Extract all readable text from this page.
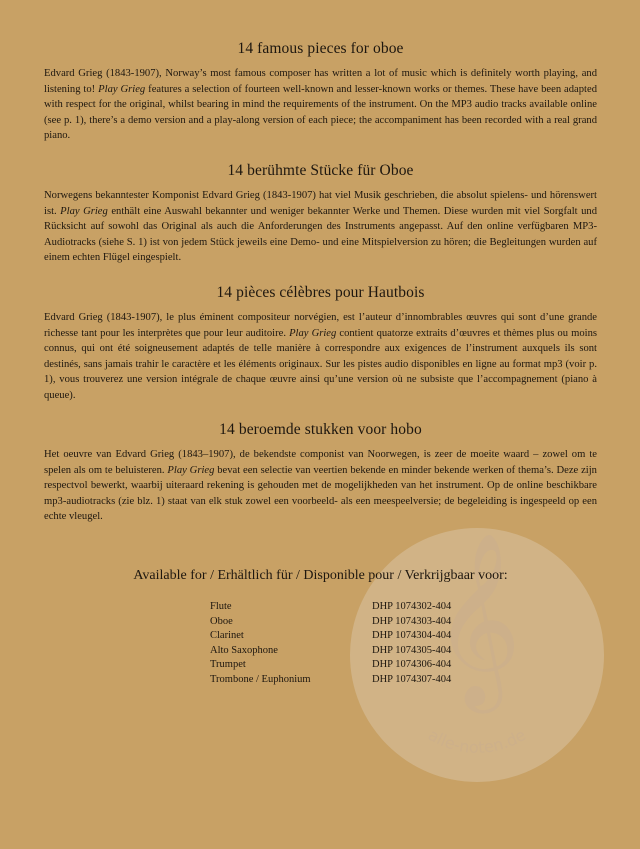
𝄞
alle-noten.de
14 famous pieces for oboe

Edvard Grieg (1843-1907), Norway’s most famous composer has written a lot of music which is definitely worth playing, and listening to! Play Grieg features a selection of fourteen well-known and lesser-known works or themes. These have been adapted with respect for the original, whilst bearing in mind the requirements of the instrument. On the MP3 audio tracks available online (see p. 1), there’s a demo version and a play-along version of each piece; the accompaniment has been recorded with a real grand piano.

14 berühmte Stücke für Oboe

Norwegens bekanntester Komponist Edvard Grieg (1843-1907) hat viel Musik geschrieben, die absolut spielens- und hörenswert ist. Play Grieg enthält eine Auswahl bekannter und weniger bekannter Werke und Themen. Diese wurden mit viel Sorgfalt und Rücksicht auf sowohl das Original als auch die Anforderungen des Instruments angepasst. Auf den online verfügbaren MP3-Audiotracks (siehe S. 1) ist von jedem Stück jeweils eine Demo- und eine Mitspielversion zu hören; die Begleitungen wurden auf einem echten Flügel eingespielt.

14 pièces célèbres pour Hautbois

Edvard Grieg (1843-1907), le plus éminent compositeur norvégien, est l’auteur d’innombrables œuvres qui sont d’une grande richesse tant pour les interprètes que pour leur auditoire. Play Grieg contient quatorze extraits d’œuvres et thèmes plus ou moins connus, qui ont été soigneusement adaptés de telle manière à correspondre aux exigences de l’instrument auxquels ils sont destinés, sans jamais trahir le caractère et les éléments originaux. Sur les pistes audio disponibles en ligne au format mp3 (voir p. 1), vous trouverez une version intégrale de chaque œuvre ainsi qu’une version où ne subsiste que l’accompagnement (piano à queue).

14 beroemde stukken voor hobo

Het oeuvre van Edvard Grieg (1843–1907), de bekendste componist van Noorwegen, is zeer de moeite waard – zowel om te spelen als om te beluisteren. Play Grieg bevat een selectie van veertien bekende en minder bekende werken of thema’s. Deze zijn respectvol bewerkt, waarbij uiteraard rekening is gehouden met de mogelijkheden van het instrument. Op de online beschikbare mp3-audiotracks (zie blz. 1) staat van elk stuk zowel een voorbeeld- als een meespeelversie; de begeleiding is ingespeeld op een echte vleugel.

Available for / Erhältlich für / Disponible pour / Verkrijgbaar voor:
Flute	DHP 1074302-404
Oboe	DHP 1074303-404
Clarinet	DHP 1074304-404
Alto Saxophone	DHP 1074305-404
Trumpet	DHP 1074306-404
Trombone / Euphonium	DHP 1074307-404
